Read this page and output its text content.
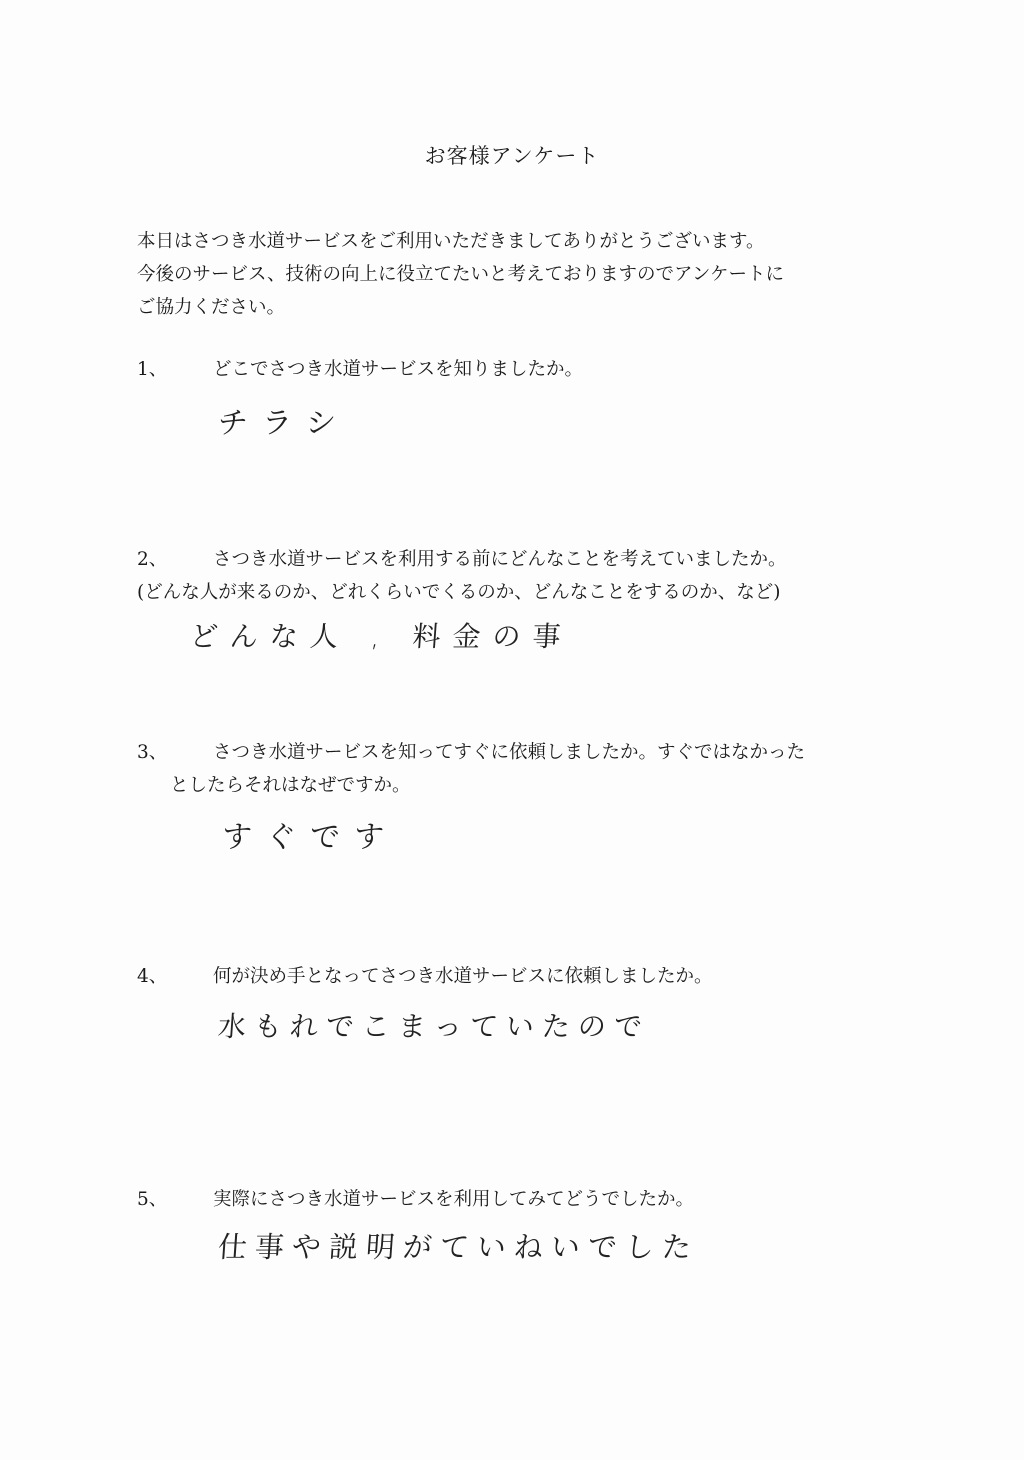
お客様アンケート
本日はさつき水道サービスをご利用いただきましてありがとうございます。
今後のサービス、技術の向上に役立てたいと考えておりますのでアンケートに
ご協力ください。
1、 どこでさつき水道サービスを知りましたか。
チラシ
2、 さつき水道サービスを利用する前にどんなことを考えていましたか。
(どんな人が来るのか、どれくらいでくるのか、どんなことをするのか、など)
どんな人 , 料金の事
3、 さつき水道サービスを知ってすぐに依頼しましたか。すぐではなかった
としたらそれはなぜですか。
すぐです
4、 何が決め手となってさつき水道サービスに依頼しましたか。
水もれでこまっていたので
5、 実際にさつき水道サービスを利用してみてどうでしたか。
仕事や説明がていねいでした
